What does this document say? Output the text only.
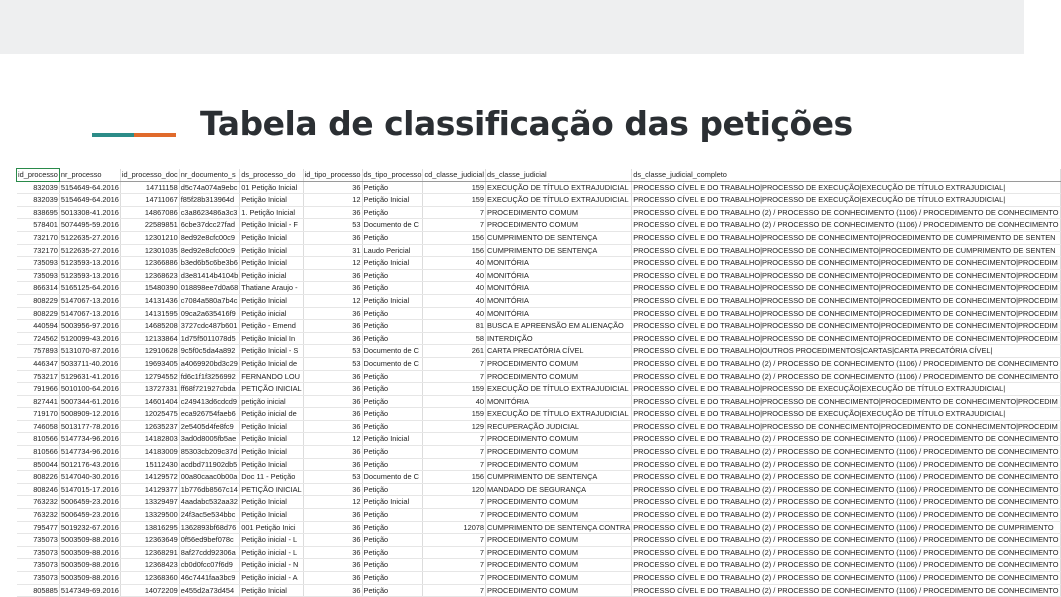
Tabela de classificação das petições
id_processo	nr_processo	id_processo_doc	nr_documento_s	ds_processo_do	id_tipo_processo	ds_tipo_processo	cd_classe_judicial	ds_classe_judicial	ds_classe_judicial_completo
832039	5154649-64.2016	14711158	d5c74a074a9ebc	01 Petição Inicial	36	Petição	159	EXECUÇÃO DE TÍTULO EXTRAJUDICIAL	PROCESSO CÍVEL E DO TRABALHO|PROCESSO DE EXECUÇÃO|EXECUÇÃO DE TÍTULO EXTRAJUDICIAL|
832039	5154649-64.2016	14711067	f85f28b313964d	Petição Inicial	12	Petição Inicial	159	EXECUÇÃO DE TÍTULO EXTRAJUDICIAL	PROCESSO CÍVEL E DO TRABALHO|PROCESSO DE EXECUÇÃO|EXECUÇÃO DE TÍTULO EXTRAJUDICIAL|
838695	5013308-41.2016	14867086	c3a8623486a3c3	1. Petição Inicial	36	Petição	7	PROCEDIMENTO COMUM	PROCESSO CÍVEL E DO TRABALHO (2) / PROCESSO DE CONHECIMENTO (1106) / PROCEDIMENTO DE CONHECIMENTO
578401	5074495-59.2016	22589851	6cbe37dcc27fad	Petição Inicial - F	53	Documento de C	7	PROCEDIMENTO COMUM	PROCESSO CÍVEL E DO TRABALHO (2) / PROCESSO DE CONHECIMENTO (1106) / PROCEDIMENTO DE CONHECIMENTO
732170	5122635-27.2016	12301210	8ed92e8cfc00c9	Petição Inicial	36	Petição	156	CUMPRIMENTO DE SENTENÇA	PROCESSO CÍVEL E DO TRABALHO|PROCESSO DE CONHECIMENTO|PROCEDIMENTO DE CUMPRIMENTO DE SENTEN
732170	5122635-27.2016	12301035	8ed92e8cfc00c9	Petição Inicial	31	Laudo Pericial	156	CUMPRIMENTO DE SENTENÇA	PROCESSO CÍVEL E DO TRABALHO|PROCESSO DE CONHECIMENTO|PROCEDIMENTO DE CUMPRIMENTO DE SENTEN
735093	5123593-13.2016	12366886	b3ed6b5c6be3b6	Petição Inicial	12	Petição Inicial	40	MONITÓRIA	PROCESSO CÍVEL E DO TRABALHO|PROCESSO DE CONHECIMENTO|PROCEDIMENTO DE CONHECIMENTO|PROCEDIM
735093	5123593-13.2016	12368623	d3e81414b4104b	Petição inicial	36	Petição	40	MONITÓRIA	PROCESSO CÍVEL E DO TRABALHO|PROCESSO DE CONHECIMENTO|PROCEDIMENTO DE CONHECIMENTO|PROCEDIM
866314	5165125-64.2016	15480390	018898ee7d0a68	Thatiane Araujo -	36	Petição	40	MONITÓRIA	PROCESSO CÍVEL E DO TRABALHO|PROCESSO DE CONHECIMENTO|PROCEDIMENTO DE CONHECIMENTO|PROCEDIM
808229	5147067-13.2016	14131436	c7084a580a7b4c	Petição Inicial	12	Petição Inicial	40	MONITÓRIA	PROCESSO CÍVEL E DO TRABALHO|PROCESSO DE CONHECIMENTO|PROCEDIMENTO DE CONHECIMENTO|PROCEDIM
808229	5147067-13.2016	14131595	09ca2a635416f9	Petição inicial	36	Petição	40	MONITÓRIA	PROCESSO CÍVEL E DO TRABALHO|PROCESSO DE CONHECIMENTO|PROCEDIMENTO DE CONHECIMENTO|PROCEDIM
440594	5003956-97.2016	14685208	3727cdc487b601	Petição - Emend	36	Petição	81	BUSCA E APREENSÃO EM ALIENAÇÃO	PROCESSO CÍVEL E DO TRABALHO|PROCESSO DE CONHECIMENTO|PROCEDIMENTO DE CONHECIMENTO|PROCEDIM
724562	5120099-43.2016	12133864	1d75f5011078d5	Petição Inicial In	36	Petição	58	INTERDIÇÃO	PROCESSO CÍVEL E DO TRABALHO|PROCESSO DE CONHECIMENTO|PROCEDIMENTO DE CONHECIMENTO|PROCEDIM
757893	5131070-87.2016	12910628	9c5f0c5da4a892	Petição Inicial - S	53	Documento de C	261	CARTA PRECATÓRIA CÍVEL	PROCESSO CÍVEL E DO TRABALHO|OUTROS PROCEDIMENTOS|CARTAS|CARTA PRECATÓRIA CÍVEL|
446347	5033711-40.2016	19693405	a4069920bd3c29	Petição Inicial de	53	Documento de C	7	PROCEDIMENTO COMUM	PROCESSO CÍVEL E DO TRABALHO (2) / PROCESSO DE CONHECIMENTO (1106) / PROCEDIMENTO DE CONHECIMENTO
753217	5129631-41.2016	12794552	fd6c1f1f3256992	FERNANDO LOU	36	Petição	7	PROCEDIMENTO COMUM	PROCESSO CÍVEL E DO TRABALHO (2) / PROCESSO DE CONHECIMENTO (1106) / PROCEDIMENTO DE CONHECIMENTO
791966	5010100-64.2016	13727331	ff68f721927cbda	PETIÇÃO INICIAL	36	Petição	159	EXECUÇÃO DE TÍTULO EXTRAJUDICIAL	PROCESSO CÍVEL E DO TRABALHO|PROCESSO DE EXECUÇÃO|EXECUÇÃO DE TÍTULO EXTRAJUDICIAL|
827441	5007344-61.2016	14601404	c249413d6cdcd9	petição inicial	36	Petição	40	MONITÓRIA	PROCESSO CÍVEL E DO TRABALHO|PROCESSO DE CONHECIMENTO|PROCEDIMENTO DE CONHECIMENTO|PROCEDIM
719170	5008909-12.2016	12025475	eca926754faeb6	Petição inicial de	36	Petição	159	EXECUÇÃO DE TÍTULO EXTRAJUDICIAL	PROCESSO CÍVEL E DO TRABALHO|PROCESSO DE EXECUÇÃO|EXECUÇÃO DE TÍTULO EXTRAJUDICIAL|
746058	5013177-78.2016	12635237	2e5405d4fe8fc9	Petição Inicial	36	Petição	129	RECUPERAÇÃO JUDICIAL	PROCESSO CÍVEL E DO TRABALHO|PROCESSO DE CONHECIMENTO|PROCEDIMENTO DE CONHECIMENTO|PROCEDIM
810566	5147734-96.2016	14182803	3ad0d8005fb5ae	Petição Inicial	12	Petição Inicial	7	PROCEDIMENTO COMUM	PROCESSO CÍVEL E DO TRABALHO (2) / PROCESSO DE CONHECIMENTO (1106) / PROCEDIMENTO DE CONHECIMENTO
810566	5147734-96.2016	14183009	85303cb209c37d	Petição Inicial	36	Petição	7	PROCEDIMENTO COMUM	PROCESSO CÍVEL E DO TRABALHO (2) / PROCESSO DE CONHECIMENTO (1106) / PROCEDIMENTO DE CONHECIMENTO
850044	5012176-43.2016	15112430	acdbd711902db5	Petição Inicial	36	Petição	7	PROCEDIMENTO COMUM	PROCESSO CÍVEL E DO TRABALHO (2) / PROCESSO DE CONHECIMENTO (1106) / PROCEDIMENTO DE CONHECIMENTO
808226	5147040-30.2016	14129572	00a80caac0b00a	Doc 11 - Petição	53	Documento de C	156	CUMPRIMENTO DE SENTENÇA	PROCESSO CÍVEL E DO TRABALHO (2) / PROCESSO DE CONHECIMENTO (1106) / PROCEDIMENTO DE CONHECIMENTO
808246	5147015-17.2016	14129377	1b776db8567c14	PETIÇÃO INICIAL	36	Petição	120	MANDADO DE SEGURANÇA	PROCESSO CÍVEL E DO TRABALHO (2) / PROCESSO DE CONHECIMENTO (1106) / PROCEDIMENTO DE CONHECIMENTO
763232	5006459-23.2016	13329497	4aadabc532aa32	Petição Inicial	12	Petição Inicial	7	PROCEDIMENTO COMUM	PROCESSO CÍVEL E DO TRABALHO (2) / PROCESSO DE CONHECIMENTO (1106) / PROCEDIMENTO DE CONHECIMENTO
763232	5006459-23.2016	13329500	24f3ac5e534bbc	Petição Inicial	36	Petição	7	PROCEDIMENTO COMUM	PROCESSO CÍVEL E DO TRABALHO (2) / PROCESSO DE CONHECIMENTO (1106) / PROCEDIMENTO DE CONHECIMENTO
795477	5019232-67.2016	13816295	1362893bf68d76	001 Petição Inici	36	Petição	12078	CUMPRIMENTO DE SENTENÇA CONTRA	PROCESSO CÍVEL E DO TRABALHO (2) / PROCESSO DE CONHECIMENTO (1106) / PROCEDIMENTO DE CUMPRIMENTO
735073	5003509-88.2016	12363649	0f56ed9bef078c	Petição inicial - L	36	Petição	7	PROCEDIMENTO COMUM	PROCESSO CÍVEL E DO TRABALHO (2) / PROCESSO DE CONHECIMENTO (1106) / PROCEDIMENTO DE CONHECIMENTO
735073	5003509-88.2016	12368291	8af27cdd92306a	Petição inicial - L	36	Petição	7	PROCEDIMENTO COMUM	PROCESSO CÍVEL E DO TRABALHO (2) / PROCESSO DE CONHECIMENTO (1106) / PROCEDIMENTO DE CONHECIMENTO
735073	5003509-88.2016	12368423	cb0d0fcc07f6d9	Petição inicial - N	36	Petição	7	PROCEDIMENTO COMUM	PROCESSO CÍVEL E DO TRABALHO (2) / PROCESSO DE CONHECIMENTO (1106) / PROCEDIMENTO DE CONHECIMENTO
735073	5003509-88.2016	12368360	46c7441faa3bc9	Petição inicial - A	36	Petição	7	PROCEDIMENTO COMUM	PROCESSO CÍVEL E DO TRABALHO (2) / PROCESSO DE CONHECIMENTO (1106) / PROCEDIMENTO DE CONHECIMENTO
805885	5147349-69.2016	14072209	e455d2a73d454	Petição Inicial	36	Petição	7	PROCEDIMENTO COMUM	PROCESSO CÍVEL E DO TRABALHO (2) / PROCESSO DE CONHECIMENTO (1106) / PROCEDIMENTO DE CONHECIMENTO
